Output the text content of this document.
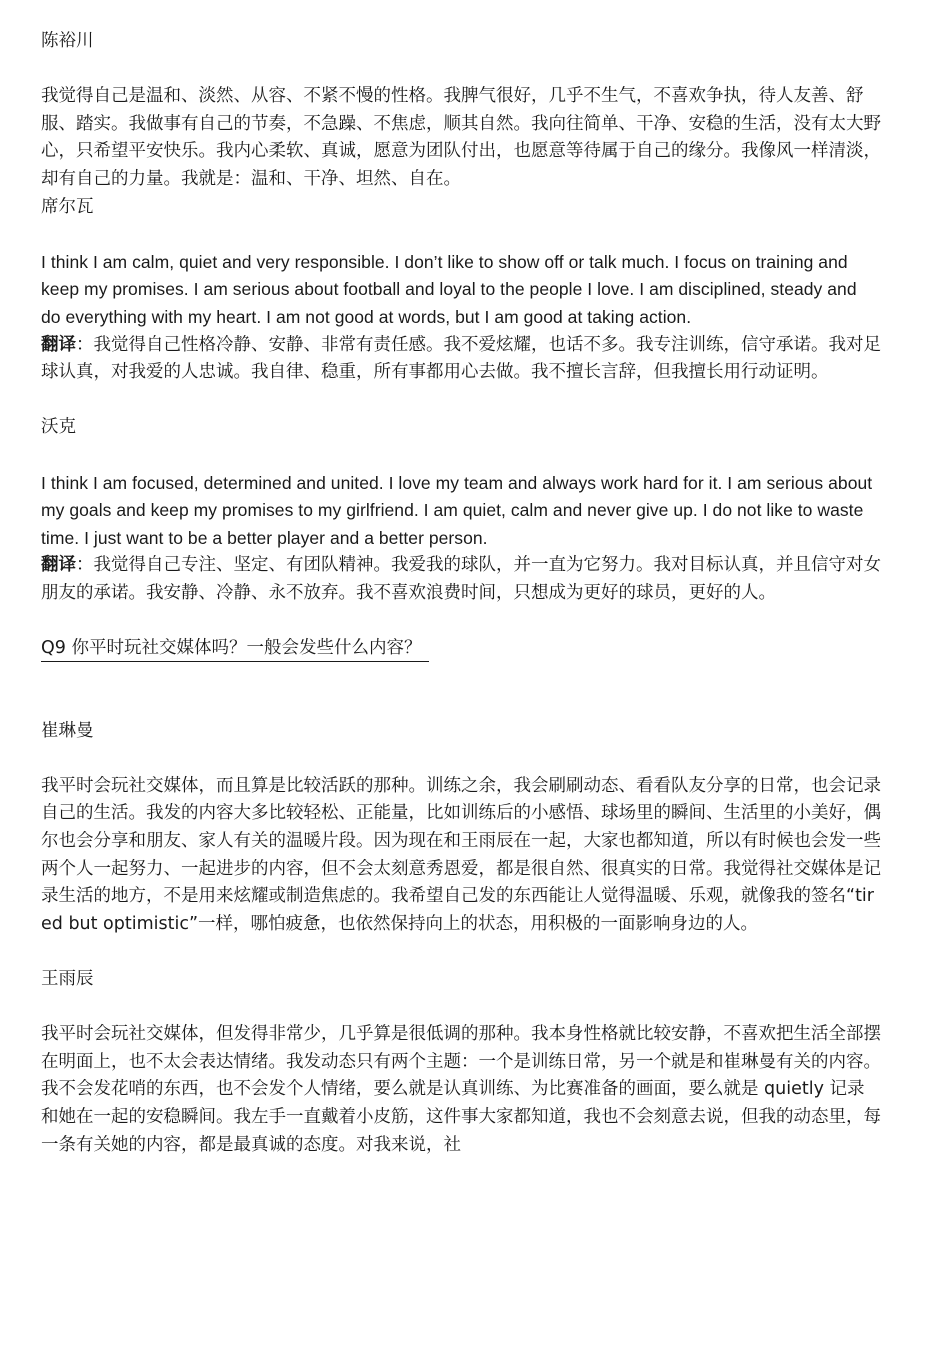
陈裕川

我觉得自己是温和、淡然、从容、不紧不慢的性格。我脾气很好，几乎不生气，不喜欢争执，待人友善、舒服、踏实。我做事有自己的节奏，不急躁、不焦虑，顺其自然。我向往简单、干净、安稳的生活，没有太大野心，只希望平安快乐。我内心柔软、真诚，愿意为团队付出，也愿意等待属于自己的缘分。我像风一样清淡，却有自己的力量。我就是：温和、干净、坦然、自在。

席尔瓦

I think I am calm, quiet and very responsible. I don’t like to show off or talk much. I focus on training and keep my promises. I am serious about football and loyal to the people I love. I am disciplined, steady and do everything with my heart. I am not good at words, but I am good at taking action.

翻译：我觉得自己性格冷静、安静、非常有责任感。我不爱炫耀，也话不多。我专注训练，信守承诺。我对足球认真，对我爱的人忠诚。我自律、稳重，所有事都用心去做。我不擅长言辞，但我擅长用行动证明。

沃克

I think I am focused, determined and united. I love my team and always work hard for it. I am serious about my goals and keep my promises to my girlfriend. I am quiet, calm and never give up. I do not like to waste time. I just want to be a better player and a better person.

翻译：我觉得自己专注、坚定、有团队精神。我爱我的球队，并一直为它努力。我对目标认真，并且信守对女朋友的承诺。我安静、冷静、永不放弃。我不喜欢浪费时间，只想成为更好的球员，更好的人。

Q9 你平时玩社交媒体吗？一般会发些什么内容？

崔琳曼

我平时会玩社交媒体，而且算是比较活跃的那种。训练之余，我会刷刷动态、看看队友分享的日常，也会记录自己的生活。我发的内容大多比较轻松、正能量，比如训练后的小感悟、球场里的瞬间、生活里的小美好，偶尔也会分享和朋友、家人有关的温暖片段。因为现在和王雨辰在一起，大家也都知道，所以有时候也会发一些两个人一起努力、一起进步的内容，但不会太刻意秀恩爱，都是很自然、很真实的日常。我觉得社交媒体是记录生活的地方，不是用来炫耀或制造焦虑的。我希望自己发的东西能让人觉得温暖、乐观，就像我的签名“tired but optimistic”一样，哪怕疲惫，也依然保持向上的状态，用积极的一面影响身边的人。

王雨辰

我平时会玩社交媒体，但发得非常少，几乎算是很低调的那种。我本身性格就比较安静，不喜欢把生活全部摆在明面上，也不太会表达情绪。我发动态只有两个主题：一个是训练日常，另一个就是和崔琳曼有关的内容。我不会发花哨的东西，也不会发个人情绪，要么就是认真训练、为比赛准备的画面，要么就是 quietly 记录和她在一起的安稳瞬间。我左手一直戴着小皮筋，这件事大家都知道，我也不会刻意去说，但我的动态里，每一条有关她的内容，都是最真诚的态度。对我来说，社
